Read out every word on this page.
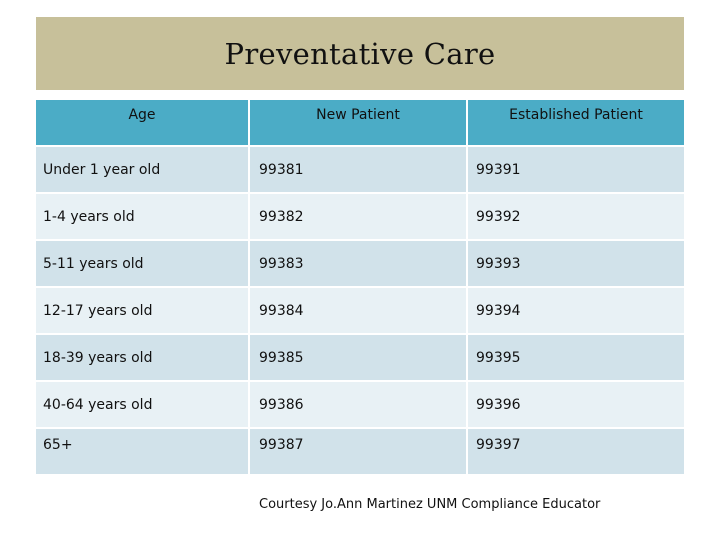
Preventative Care
Age	New Patient	Established Patient
Under 1 year old	99381	99391
1-4 years old	99382	99392
5-11 years old	99383	99393
12-17 years old	99384	99394
18-39 years old	99385	99395
40-64 years old	99386	99396
65+	99387	99397
Courtesy Jo.Ann Martinez UNM Compliance Educator
